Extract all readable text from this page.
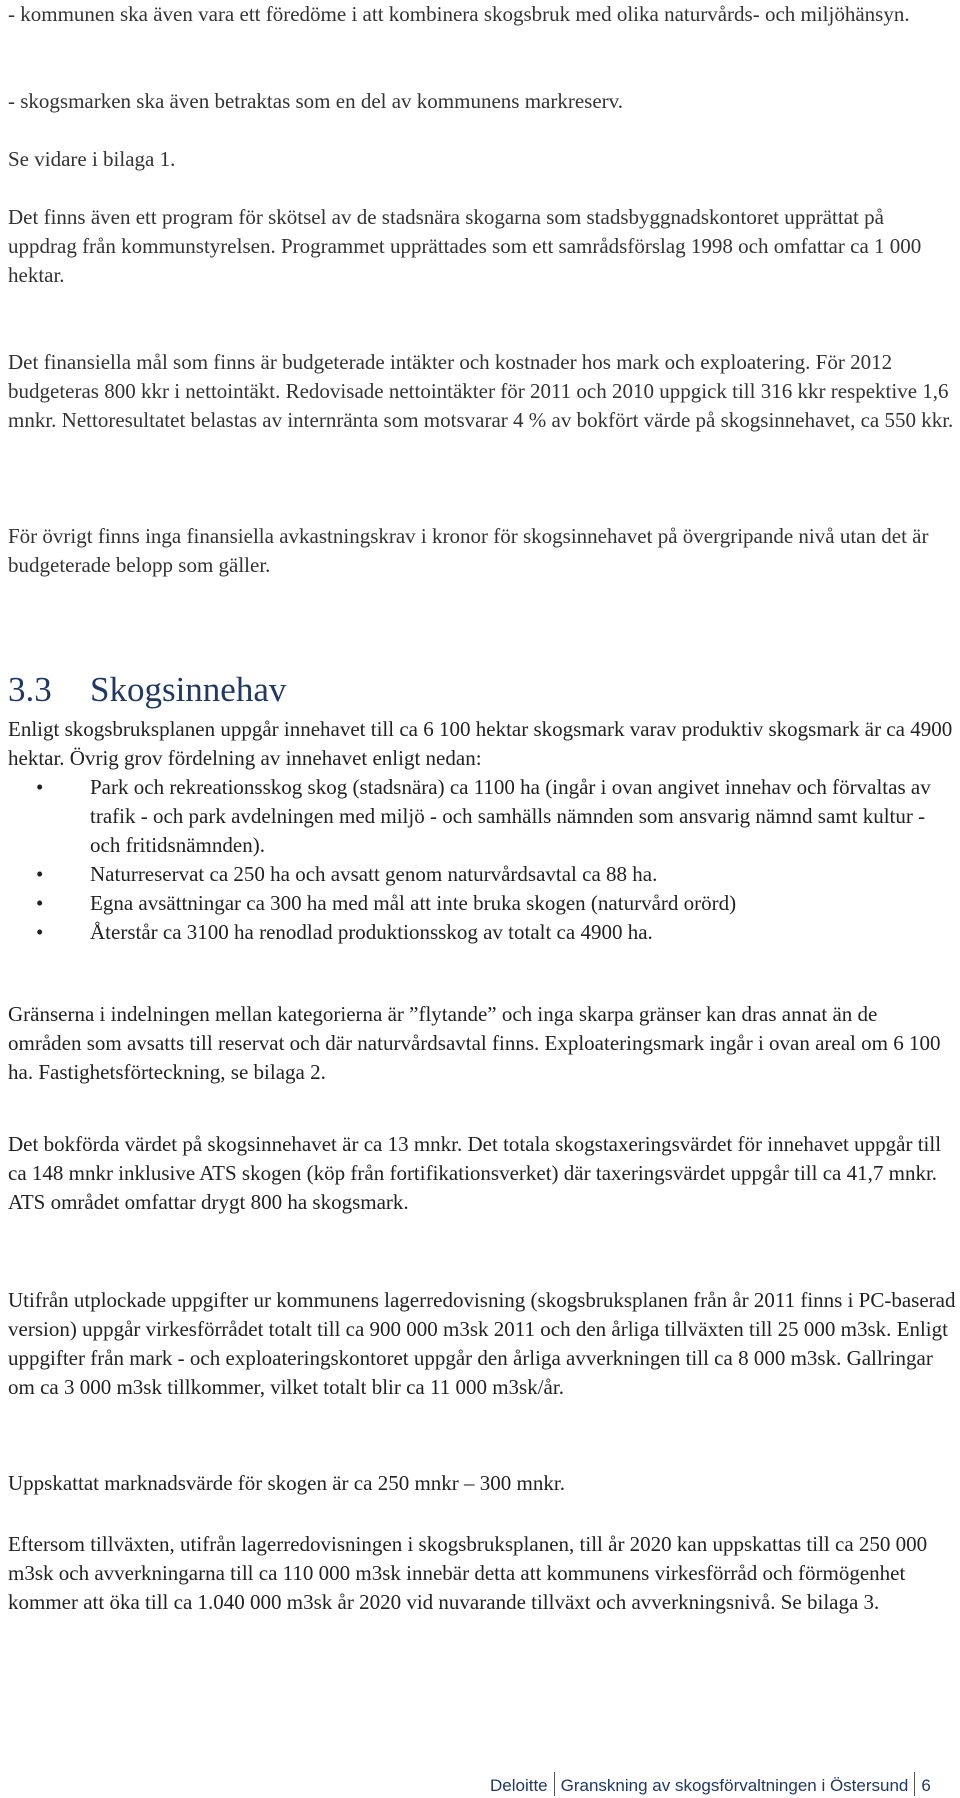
- kommunen ska även vara ett föredöme i att kombinera skogsbruk med olika naturvårds- och miljöhänsyn.

- skogsmarken ska även betraktas som en del av kommunens markreserv.

Se vidare i bilaga 1.

Det finns även ett program för skötsel av de stadsnära skogarna som stadsbyggnadskontoret upprättat på uppdrag från kommunstyrelsen. Programmet upprättades som ett samrådsförslag 1998 och omfattar ca 1 000 hektar.

Det finansiella mål som finns är budgeterade intäkter och kostnader hos mark och exploatering. För 2012 budgeteras 800 kkr i nettointäkt. Redovisade nettointäkter för 2011 och 2010 uppgick till 316 kkr respektive 1,6 mnkr. Nettoresultatet belastas av internränta som motsvarar 4 % av bokfört värde på skogsinnehavet, ca 550 kkr.

För övrigt finns inga finansiella avkastningskrav i kronor för skogsinnehavet på övergripande nivå utan det är budgeterade belopp som gäller.

3.3 Skogsinnehav

Enligt skogsbruksplanen uppgår innehavet till ca 6 100 hektar skogsmark varav produktiv skogsmark är ca 4900 hektar. Övrig grov fördelning av innehavet enligt nedan:

• Park och rekreationsskog skog (stadsnära) ca 1100 ha (ingår i ovan angivet innehav och förvaltas av trafik - och park avdelningen med miljö - och samhälls nämnden som ansvarig nämnd samt kultur - och fritidsnämnden).
• Naturreservat ca 250 ha och avsatt genom naturvårdsavtal ca 88 ha.
• Egna avsättningar ca 300 ha med mål att inte bruka skogen (naturvård orörd)
• Återstår ca 3100 ha renodlad produktionsskog av totalt ca 4900 ha.

Gränserna i indelningen mellan kategorierna är ”flytande” och inga skarpa gränser kan dras annat än de områden som avsatts till reservat och där naturvårdsavtal finns. Exploateringsmark ingår i ovan areal om 6 100 ha. Fastighetsförteckning, se bilaga 2.

Det bokförda värdet på skogsinnehavet är ca 13 mnkr. Det totala skogstaxeringsvärdet för innehavet uppgår till ca 148 mnkr inklusive ATS skogen (köp från fortifikationsverket) där taxeringsvärdet uppgår till ca 41,7 mnkr. ATS området omfattar drygt 800 ha skogsmark.

Utifrån utplockade uppgifter ur kommunens lagerredovisning (skogsbruksplanen från år 2011 finns i PC-baserad version) uppgår virkesförrådet totalt till ca 900 000 m3sk 2011 och den årliga tillväxten till 25 000 m3sk. Enligt uppgifter från mark - och exploateringskontoret uppgår den årliga avverkningen till ca 8 000 m3sk. Gallringar om ca 3 000 m3sk tillkommer, vilket totalt blir ca 11 000 m3sk/år.

Uppskattat marknadsvärde för skogen är ca 250 mnkr – 300 mnkr.

Eftersom tillväxten, utifrån lagerredovisningen i skogsbruksplanen, till år 2020 kan uppskattas till ca 250 000 m3sk och avverkningarna till ca 110 000 m3sk innebär detta att kommunens virkesförråd och förmögenhet kommer att öka till ca 1.040 000 m3sk år 2020 vid nuvarande tillväxt och avverkningsnivå. Se bilaga 3.

Deloitte Granskning av skogsförvaltningen i Östersund 6
